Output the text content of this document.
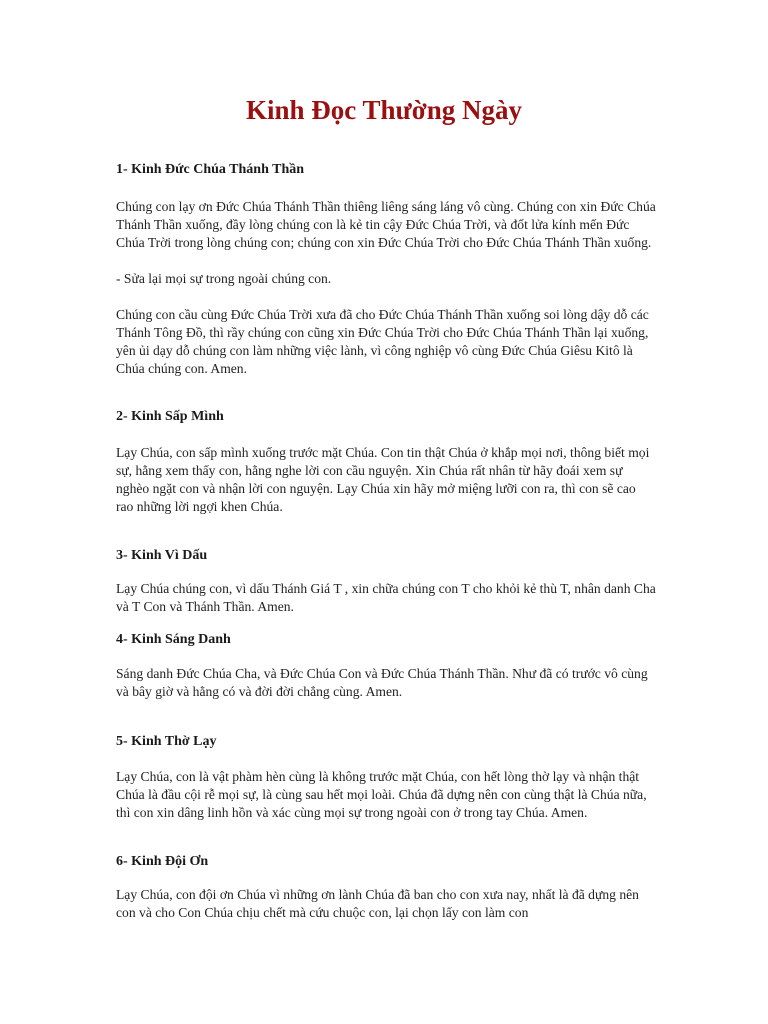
Kinh Đọc Thường Ngày

1- Kinh Đức Chúa Thánh Thần

Chúng con lạy ơn Đức Chúa Thánh Thần thiêng liêng sáng láng vô cùng. Chúng con xin Đức Chúa Thánh Thần xuống, đầy lòng chúng con là kẻ tin cậy Đức Chúa Trời, và đốt lửa kính mến Đức Chúa Trời trong lòng chúng con; chúng con xin Đức Chúa Trời cho Đức Chúa Thánh Thần xuống.

- Sửa lại mọi sự trong ngoài chúng con.

Chúng con cầu cùng Đức Chúa Trời xưa đã cho Đức Chúa Thánh Thần xuống soi lòng dậy dỗ các Thánh Tông Đồ, thì rầy chúng con cũng xin Đức Chúa Trời cho Đức Chúa Thánh Thần lại xuống, yên ủi dạy dỗ chúng con làm những việc lành, vì công nghiệp vô cùng Đức Chúa Giêsu Kitô là Chúa chúng con. Amen.

2- Kinh Sấp Mình

Lạy Chúa, con sấp mình xuống trước mặt Chúa. Con tin thật Chúa ở khắp mọi nơi, thông biết mọi sự, hằng xem thấy con, hằng nghe lời con cầu nguyện. Xin Chúa rất nhân từ hãy đoái xem sự nghèo ngặt con và nhận lời con nguyện. Lạy Chúa xin hãy mở miệng lưỡi con ra, thì con sẽ cao rao những lời ngợi khen Chúa.

3- Kinh Vì Dấu

Lạy Chúa chúng con, vì dấu Thánh Giá T , xin chữa chúng con T cho khỏi kẻ thù T, nhân danh Cha và T Con và Thánh Thần. Amen.

4- Kinh Sáng Danh

Sáng danh Đức Chúa Cha, và Đức Chúa Con và Đức Chúa Thánh Thần. Như đã có trước vô cùng và bây giờ và hằng có và đời đời chẳng cùng. Amen.

5- Kinh Thờ Lạy

Lạy Chúa, con là vật phàm hèn cùng là không trước mặt Chúa, con hết lòng thờ lạy và nhận thật Chúa là đầu cội rễ mọi sự, là cùng sau hết mọi loài. Chúa đã dựng nên con cùng thật là Chúa nữa, thì con xin dâng linh hồn và xác cùng mọi sự trong ngoài con ở trong tay Chúa. Amen.

6- Kinh Đội Ơn

Lạy Chúa, con đội ơn Chúa vì những ơn lành Chúa đã ban cho con xưa nay, nhất là đã dựng nên con và cho Con Chúa chịu chết mà cứu chuộc con, lại chọn lấy con làm con
